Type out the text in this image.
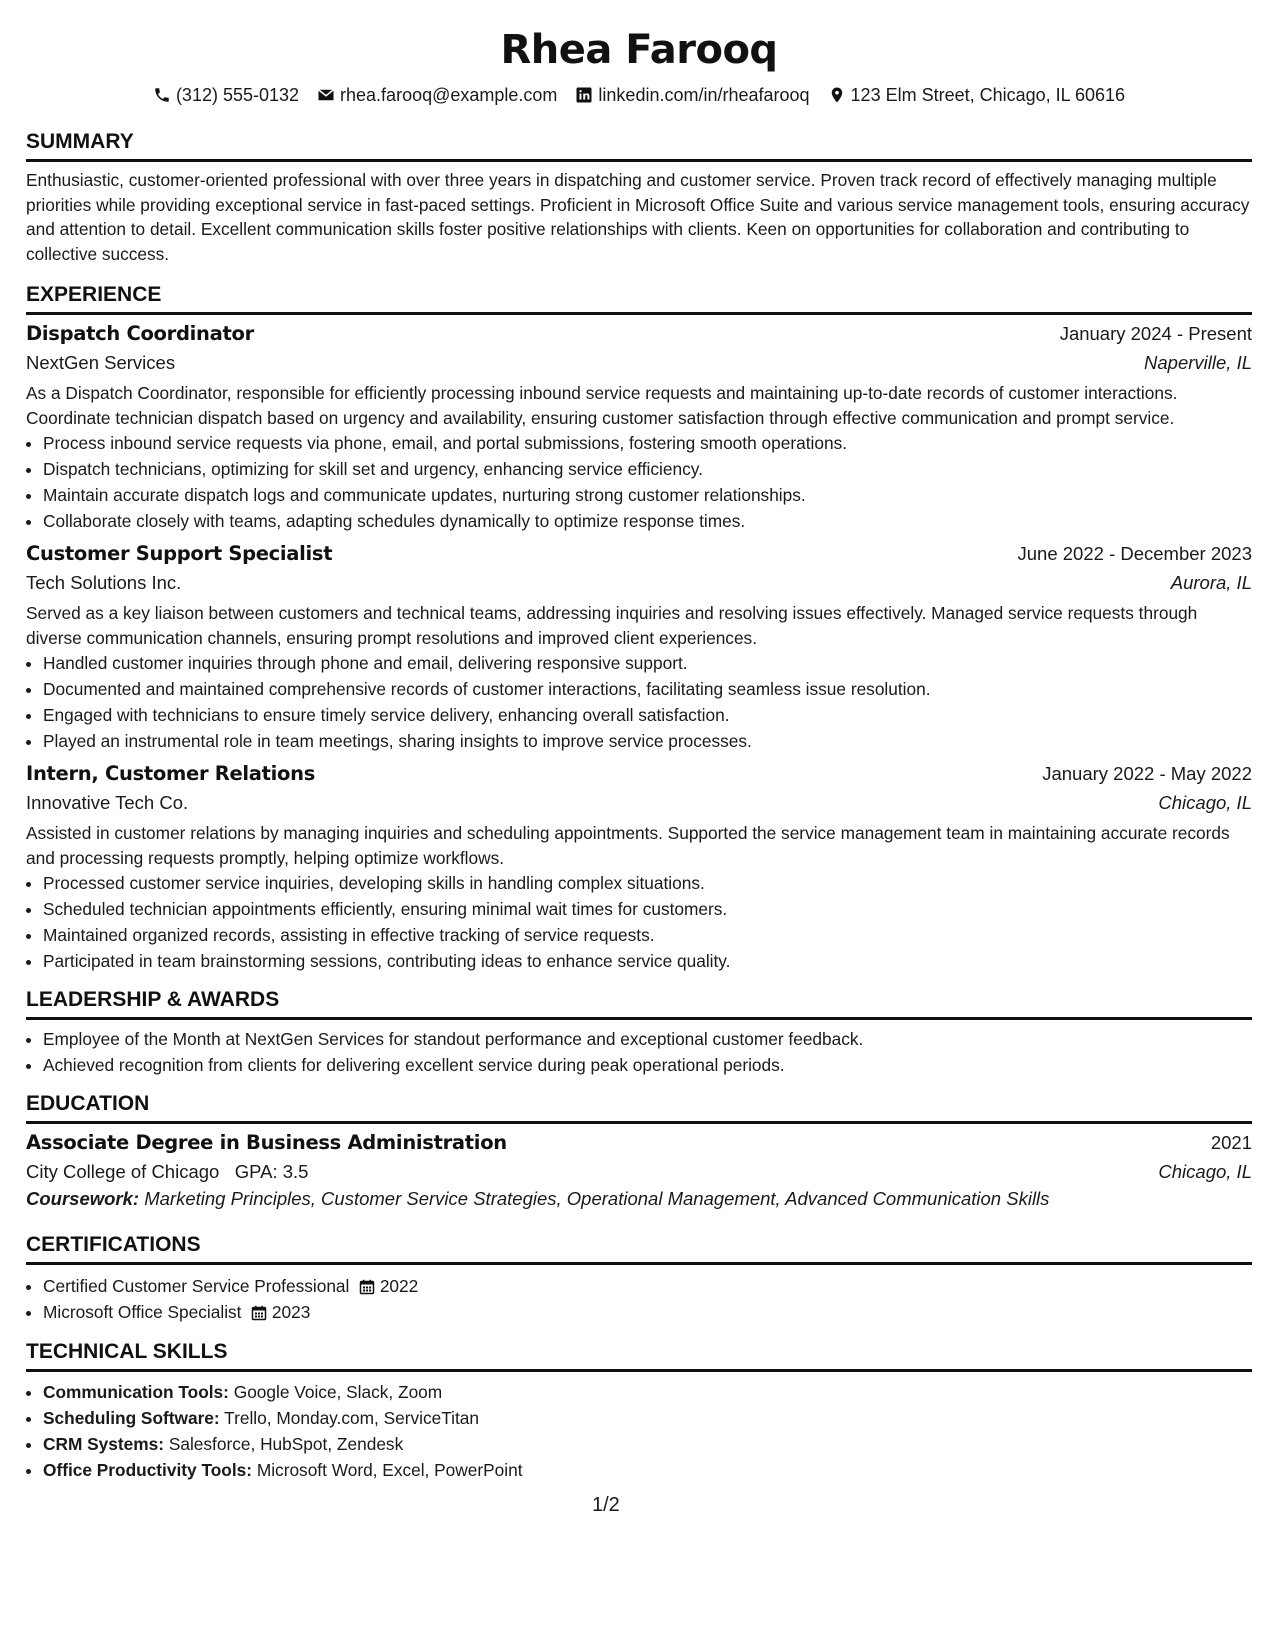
Rhea Farooq
(312) 555-0132 rhea.farooq@example.com linkedin.com/in/rheafarooq 123 Elm Street, Chicago, IL 60616
SUMMARY
Enthusiastic, customer-oriented professional with over three years in dispatching and customer service. Proven track record of effectively managing multiple priorities while providing exceptional service in fast-paced settings. Proficient in Microsoft Office Suite and various service management tools, ensuring accuracy and attention to detail. Excellent communication skills foster positive relationships with clients. Keen on opportunities for collaboration and contributing to collective success.
EXPERIENCE
Dispatch Coordinator	January 2024 - Present
NextGen Services	Naperville, IL
As a Dispatch Coordinator, responsible for efficiently processing inbound service requests and maintaining up-to-date records of customer interactions. Coordinate technician dispatch based on urgency and availability, ensuring customer satisfaction through effective communication and prompt service.
• Process inbound service requests via phone, email, and portal submissions, fostering smooth operations.
• Dispatch technicians, optimizing for skill set and urgency, enhancing service efficiency.
• Maintain accurate dispatch logs and communicate updates, nurturing strong customer relationships.
• Collaborate closely with teams, adapting schedules dynamically to optimize response times.
Customer Support Specialist	June 2022 - December 2023
Tech Solutions Inc.	Aurora, IL
Served as a key liaison between customers and technical teams, addressing inquiries and resolving issues effectively. Managed service requests through diverse communication channels, ensuring prompt resolutions and improved client experiences.
• Handled customer inquiries through phone and email, delivering responsive support.
• Documented and maintained comprehensive records of customer interactions, facilitating seamless issue resolution.
• Engaged with technicians to ensure timely service delivery, enhancing overall satisfaction.
• Played an instrumental role in team meetings, sharing insights to improve service processes.
Intern, Customer Relations	January 2022 - May 2022
Innovative Tech Co.	Chicago, IL
Assisted in customer relations by managing inquiries and scheduling appointments. Supported the service management team in maintaining accurate records and processing requests promptly, helping optimize workflows.
• Processed customer service inquiries, developing skills in handling complex situations.
• Scheduled technician appointments efficiently, ensuring minimal wait times for customers.
• Maintained organized records, assisting in effective tracking of service requests.
• Participated in team brainstorming sessions, contributing ideas to enhance service quality.
LEADERSHIP & AWARDS
• Employee of the Month at NextGen Services for standout performance and exceptional customer feedback.
• Achieved recognition from clients for delivering excellent service during peak operational periods.
EDUCATION
Associate Degree in Business Administration	2021
City College of Chicago GPA: 3.5	Chicago, IL
Coursework: Marketing Principles, Customer Service Strategies, Operational Management, Advanced Communication Skills
CERTIFICATIONS
• Certified Customer Service Professional 2022
• Microsoft Office Specialist 2023
TECHNICAL SKILLS
• Communication Tools: Google Voice, Slack, Zoom
• Scheduling Software: Trello, Monday.com, ServiceTitan
• CRM Systems: Salesforce, HubSpot, Zendesk
• Office Productivity Tools: Microsoft Word, Excel, PowerPoint
1/2
